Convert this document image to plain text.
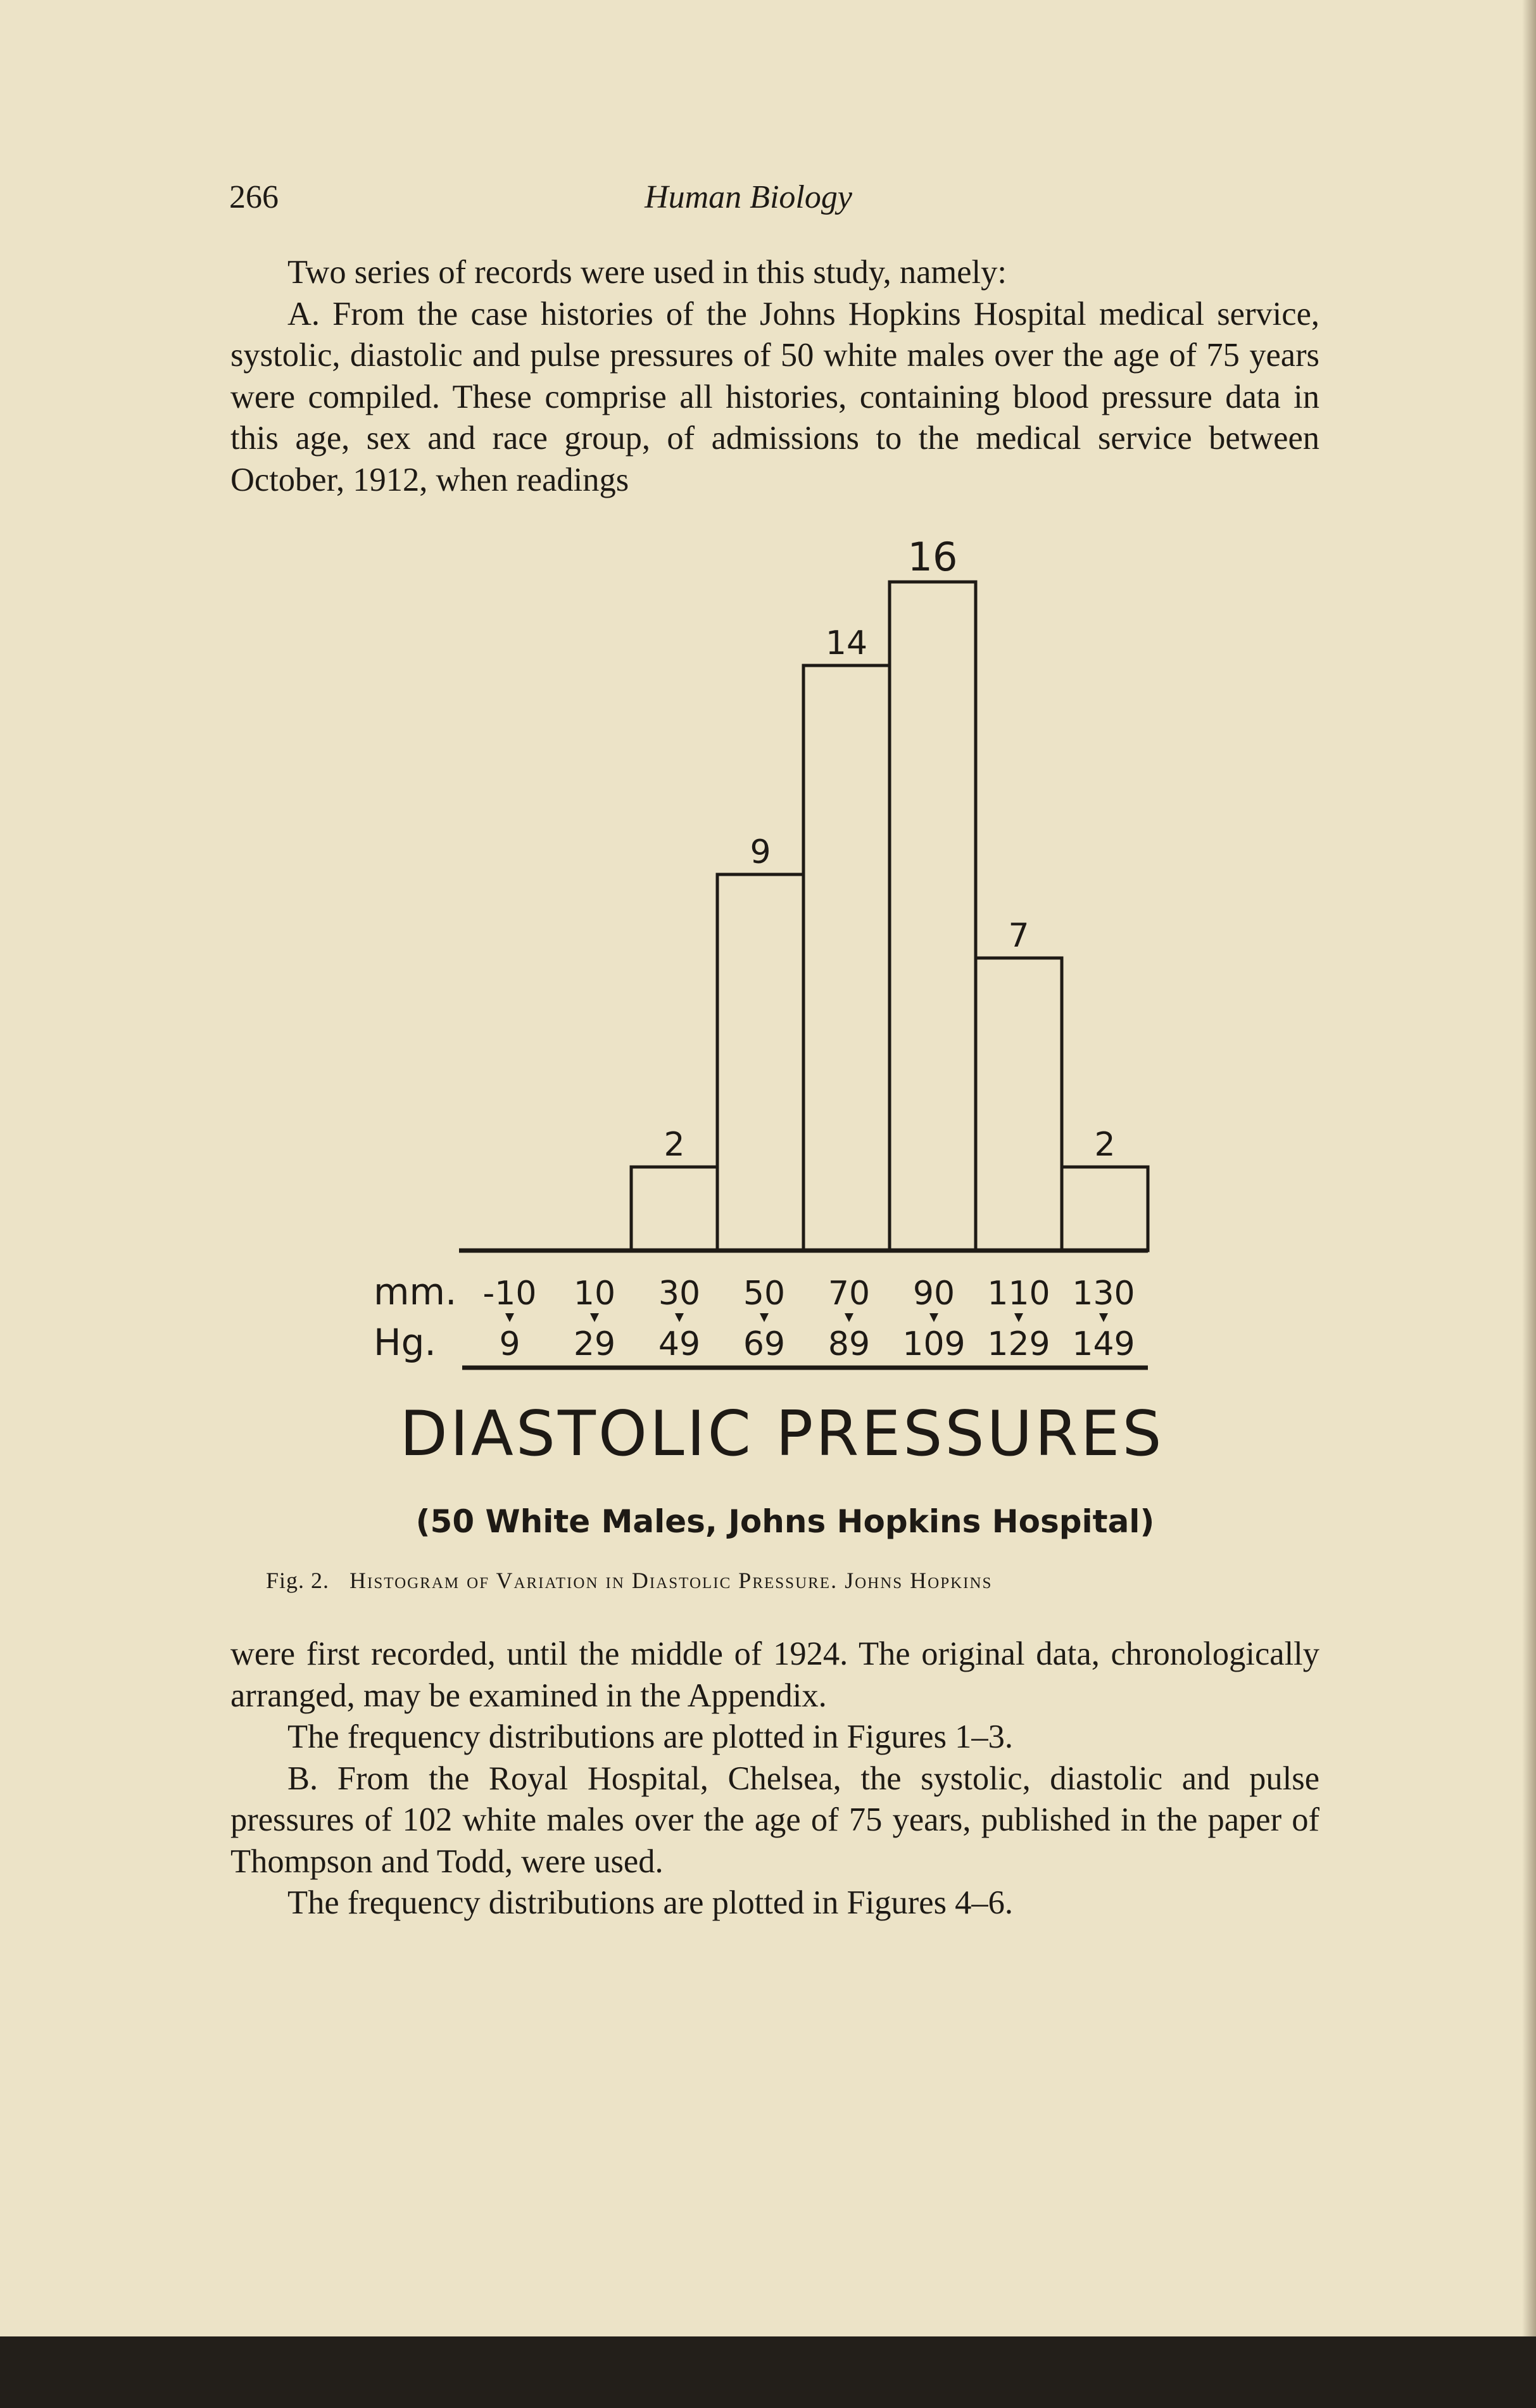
266	Human Biology

Two series of records were used in this study, namely:

A. From the case histories of the Johns Hopkins Hospital medical service, systolic, diastolic and pulse pressures of 50 white males over the age of 75 years were compiled. These comprise all histories, containing blood pressure data in this age, sex and race group, of admissions to the medical service between October, 1912, when readings

2
9
14
16
7
2
mm.
Hg.
-10 10 30 50 70 90 110 130
9 29 49 69 89 109 129 149
DIASTOLIC PRESSURES
(50 White Males, Johns Hopkins Hospital)
Fig. 2. Histogram of Variation in Diastolic Pressure. Johns Hopkins

were first recorded, until the middle of 1924. The original data, chronologically arranged, may be examined in the Appendix.

The frequency distributions are plotted in Figures 1–3.

B. From the Royal Hospital, Chelsea, the systolic, diastolic and pulse pressures of 102 white males over the age of 75 years, published in the paper of Thompson and Todd, were used.

The frequency distributions are plotted in Figures 4–6.
